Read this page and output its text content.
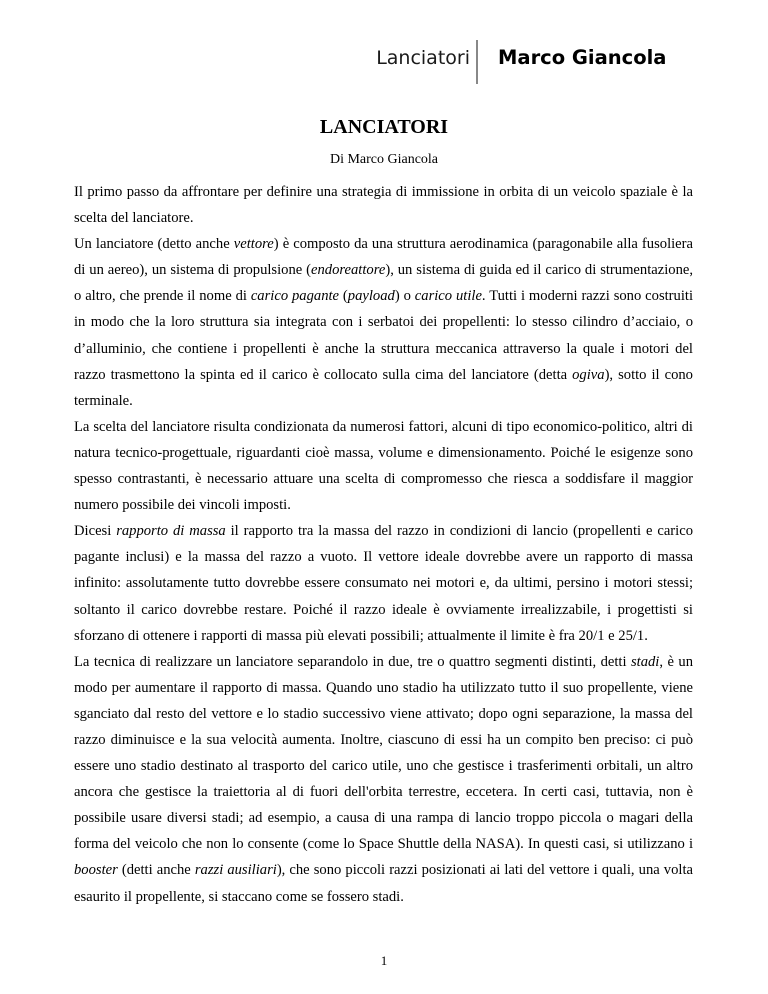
Lanciatori Marco Giancola
LANCIATORI
Di Marco Giancola

Il primo passo da affrontare per definire una strategia di immissione in orbita di un veicolo spaziale è la scelta del lanciatore.

Un lanciatore (detto anche vettore) è composto da una struttura aerodinamica (paragonabile alla fusoliera di un aereo), un sistema di propulsione (endoreattore), un sistema di guida ed il carico di strumentazione, o altro, che prende il nome di carico pagante (payload) o carico utile. Tutti i moderni razzi sono costruiti in modo che la loro struttura sia integrata con i serbatoi dei propellenti: lo stesso cilindro d’acciaio, o d’alluminio, che contiene i propellenti è anche la struttura meccanica attraverso la quale i motori del razzo trasmettono la spinta ed il carico è collocato sulla cima del lanciatore (detta ogiva), sotto il cono terminale.

La scelta del lanciatore risulta condizionata da numerosi fattori, alcuni di tipo economico-politico, altri di natura tecnico-progettuale, riguardanti cioè massa, volume e dimensionamento. Poiché le esigenze sono spesso contrastanti, è necessario attuare una scelta di compromesso che riesca a soddisfare il maggior numero possibile dei vincoli imposti.

Dicesi rapporto di massa il rapporto tra la massa del razzo in condizioni di lancio (propellenti e carico pagante inclusi) e la massa del razzo a vuoto. Il vettore ideale dovrebbe avere un rapporto di massa infinito: assolutamente tutto dovrebbe essere consumato nei motori e, da ultimi, persino i motori stessi; soltanto il carico dovrebbe restare. Poiché il razzo ideale è ovviamente irrealizzabile, i progettisti si sforzano di ottenere i rapporti di massa più elevati possibili; attualmente il limite è fra 20/1 e 25/1.

La tecnica di realizzare un lanciatore separandolo in due, tre o quattro segmenti distinti, detti stadi, è un modo per aumentare il rapporto di massa. Quando uno stadio ha utilizzato tutto il suo propellente, viene sganciato dal resto del vettore e lo stadio successivo viene attivato; dopo ogni separazione, la massa del razzo diminuisce e la sua velocità aumenta. Inoltre, ciascuno di essi ha un compito ben preciso: ci può essere uno stadio destinato al trasporto del carico utile, uno che gestisce i trasferimenti orbitali, un altro ancora che gestisce la traiettoria al di fuori dell'orbita terrestre, eccetera. In certi casi, tuttavia, non è possibile usare diversi stadi; ad esempio, a causa di una rampa di lancio troppo piccola o magari della forma del veicolo che non lo consente (come lo Space Shuttle della NASA). In questi casi, si utilizzano i booster (detti anche razzi ausiliari), che sono piccoli razzi posizionati ai lati del vettore i quali, una volta esaurito il propellente, si staccano come se fossero stadi.

1
